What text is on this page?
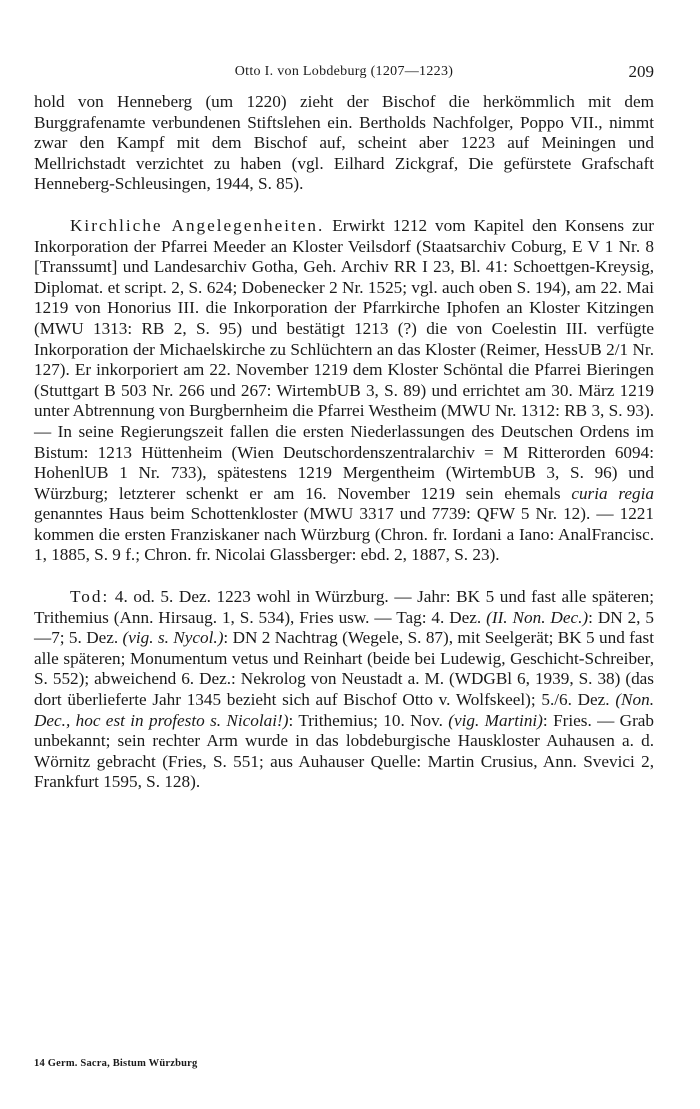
Otto I. von Lobdeburg (1207—1223)	209

hold von Henneberg (um 1220) zieht der Bischof die herkömmlich mit dem Burggrafenamte verbundenen Stiftslehen ein. Bertholds Nachfolger, Poppo VII., nimmt zwar den Kampf mit dem Bischof auf, scheint aber 1223 auf Meiningen und Mellrichstadt verzichtet zu haben (vgl. Eilhard Zickgraf, Die gefürstete Grafschaft Henneberg-Schleusingen, 1944, S. 85).

Kirchliche Angelegenheiten. Erwirkt 1212 vom Kapitel den Konsens zur Inkorporation der Pfarrei Meeder an Kloster Veilsdorf (Staatsarchiv Coburg, E V 1 Nr. 8 [Transsumt] und Landesarchiv Gotha, Geh. Archiv RR I 23, Bl. 41: Schoettgen-Kreysig, Diplomat. et script. 2, S. 624; Dobenecker 2 Nr. 1525; vgl. auch oben S. 194), am 22. Mai 1219 von Honorius III. die Inkorporation der Pfarrkirche Iphofen an Kloster Kitzingen (MWU 1313: RB 2, S. 95) und bestätigt 1213 (?) die von Coelestin III. verfügte Inkorporation der Michaelskirche zu Schlüchtern an das Kloster (Reimer, HessUB 2/1 Nr. 127). Er inkorporiert am 22. November 1219 dem Kloster Schöntal die Pfarrei Bieringen (Stuttgart B 503 Nr. 266 und 267: WirtembUB 3, S. 89) und errichtet am 30. März 1219 unter Abtrennung von Burgbernheim die Pfarrei Westheim (MWU Nr. 1312: RB 3, S. 93). — In seine Regierungszeit fallen die ersten Niederlassungen des Deutschen Ordens im Bistum: 1213 Hüttenheim (Wien Deutschordenszentralarchiv = M Ritterorden 6094: HohenlUB 1 Nr. 733), spätestens 1219 Mergentheim (WirtembUB 3, S. 96) und Würzburg; letzterer schenkt er am 16. November 1219 sein ehemals curia regia genanntes Haus beim Schottenkloster (MWU 3317 und 7739: QFW 5 Nr. 12). — 1221 kommen die ersten Franziskaner nach Würzburg (Chron. fr. Iordani a Iano: AnalFrancisc. 1, 1885, S. 9 f.; Chron. fr. Nicolai Glassberger: ebd. 2, 1887, S. 23).

Tod: 4. od. 5. Dez. 1223 wohl in Würzburg. — Jahr: BK 5 und fast alle späteren; Trithemius (Ann. Hirsaug. 1, S. 534), Fries usw. — Tag: 4. Dez. (II. Non. Dec.): DN 2, 5—7; 5. Dez. (vig. s. Nycol.): DN 2 Nachtrag (Wegele, S. 87), mit Seelgerät; BK 5 und fast alle späteren; Monumentum vetus und Reinhart (beide bei Ludewig, Geschicht-Schreiber, S. 552); abweichend 6. Dez.: Nekrolog von Neustadt a. M. (WDGBl 6, 1939, S. 38) (das dort überlieferte Jahr 1345 bezieht sich auf Bischof Otto v. Wolfskeel); 5./6. Dez. (Non. Dec., hoc est in profesto s. Nicolai!): Trithemius; 10. Nov. (vig. Martini): Fries. — Grab unbekannt; sein rechter Arm wurde in das lobdeburgische Hauskloster Auhausen a. d. Wörnitz gebracht (Fries, S. 551; aus Auhauser Quelle: Martin Crusius, Ann. Svevici 2, Frankfurt 1595, S. 128).

14 Germ. Sacra, Bistum Würzburg
